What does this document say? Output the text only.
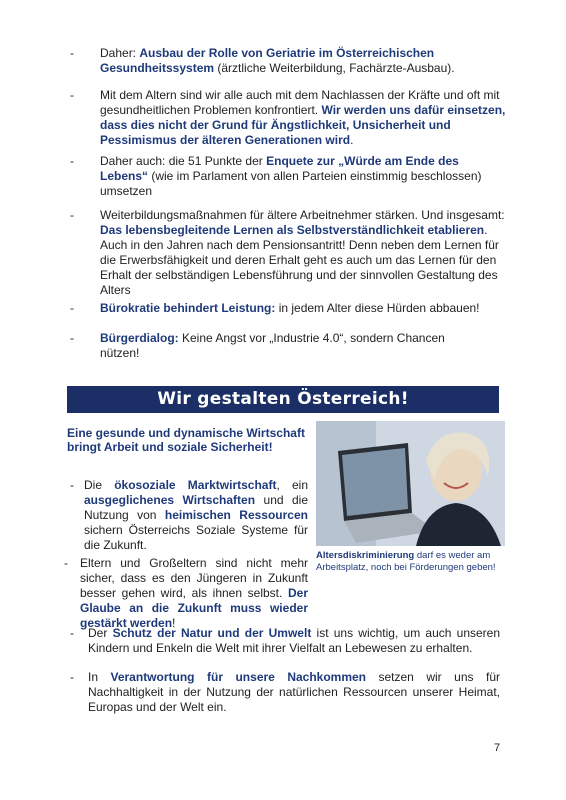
- Daher: Ausbau der Rolle von Geriatrie im Österreichischen Gesundheitssystem (ärztliche Weiterbildung, Fachärzte-Ausbau).
- Mit dem Altern sind wir alle auch mit dem Nachlassen der Kräfte und oft mit gesundheitlichen Problemen konfrontiert. Wir werden uns dafür einsetzen, dass dies nicht der Grund für Ängstlichkeit, Unsicherheit und Pessimismus der älteren Generationen wird.
- Daher auch: die 51 Punkte der Enquete zur „Würde am Ende des Lebens“ (wie im Parlament von allen Parteien einstimmig beschlossen) umsetzen
- Weiterbildungsmaßnahmen für ältere Arbeitnehmer stärken. Und insgesamt: Das lebensbegleitende Lernen als Selbstverständlichkeit etablieren. Auch in den Jahren nach dem Pensionsantritt! Denn neben dem Lernen für die Erwerbsfähigkeit und deren Erhalt geht es auch um das Lernen für den Erhalt der selbständigen Lebensführung und der sinnvollen Gestaltung des Alters
- Bürokratie behindert Leistung: in jedem Alter diese Hürden abbauen!
- Bürgerdialog: Keine Angst vor „Industrie 4.0“, sondern Chancen nützen!
Wir gestalten Österreich!
Eine gesunde und dynamische Wirtschaft bringt Arbeit und soziale Sicherheit!
- Die ökosoziale Marktwirtschaft, ein ausgeglichenes Wirtschaften und die Nutzung von heimischen Ressourcen sichern Österreichs Soziale Systeme für die Zukunft.
Altersdiskriminierung darf es weder am Arbeitsplatz, noch bei Förderungen geben!
- Eltern und Großeltern sind nicht mehr sicher, dass es den Jüngeren in Zukunft besser gehen wird, als ihnen selbst. Der Glaube an die Zukunft muss wieder gestärkt werden!
- Der Schutz der Natur und der Umwelt ist uns wichtig, um auch unseren Kindern und Enkeln die Welt mit ihrer Vielfalt an Lebewesen zu erhalten.
- In Verantwortung für unsere Nachkommen setzen wir uns für Nachhaltigkeit in der Nutzung der natürlichen Ressourcen unserer Heimat, Europas und der Welt ein.
7
